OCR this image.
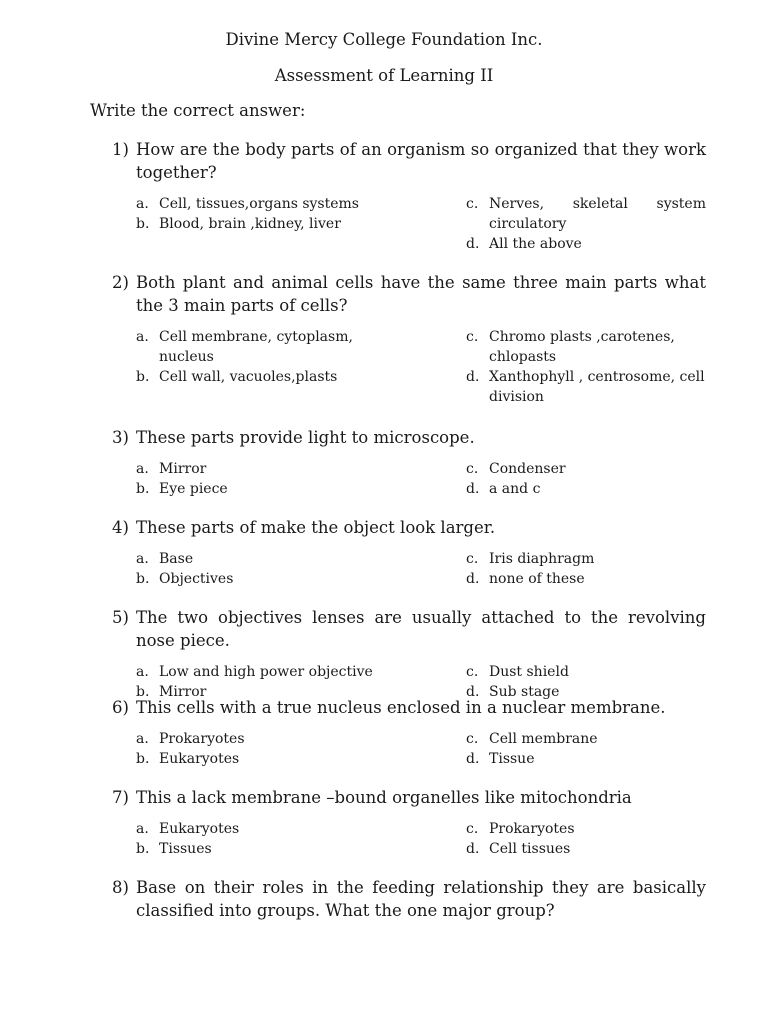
Divine Mercy College Foundation Inc.
Assessment of Learning II
Write the correct answer:
1) How are the body parts of an organism so organized that they work together?
a. Cell, tissues,organs systems
b. Blood, brain ,kidney, liver
c. Nerves, skeletal system
circulatory
d. All the above
2) Both plant and animal cells have the same three main parts what the 3 main parts of cells?
a. Cell membrane, cytoplasm,
nucleus
b. Cell wall, vacuoles,plasts
c. Chromo plasts ,carotenes,
chlopasts
d. Xanthophyll , centrosome, cell
division
3) These parts provide light to microscope.
a. Mirror
b. Eye piece
c. Condenser
d. a and c
4) These parts of make the object look larger.
a. Base
b. Objectives
c. Iris diaphragm
d. none of these
5) The two objectives lenses are usually attached to the revolving nose piece.
a. Low and high power objective
b. Mirror
c. Dust shield
d. Sub stage
6) This cells with a true nucleus enclosed in a nuclear membrane.
a. Prokaryotes
b. Eukaryotes
c. Cell membrane
d. Tissue
7) This a lack membrane –bound organelles like mitochondria
a. Eukaryotes
b. Tissues
c. Prokaryotes
d. Cell tissues
8) Base on their roles in the feeding relationship they are basically classified into groups. What the one major group?
